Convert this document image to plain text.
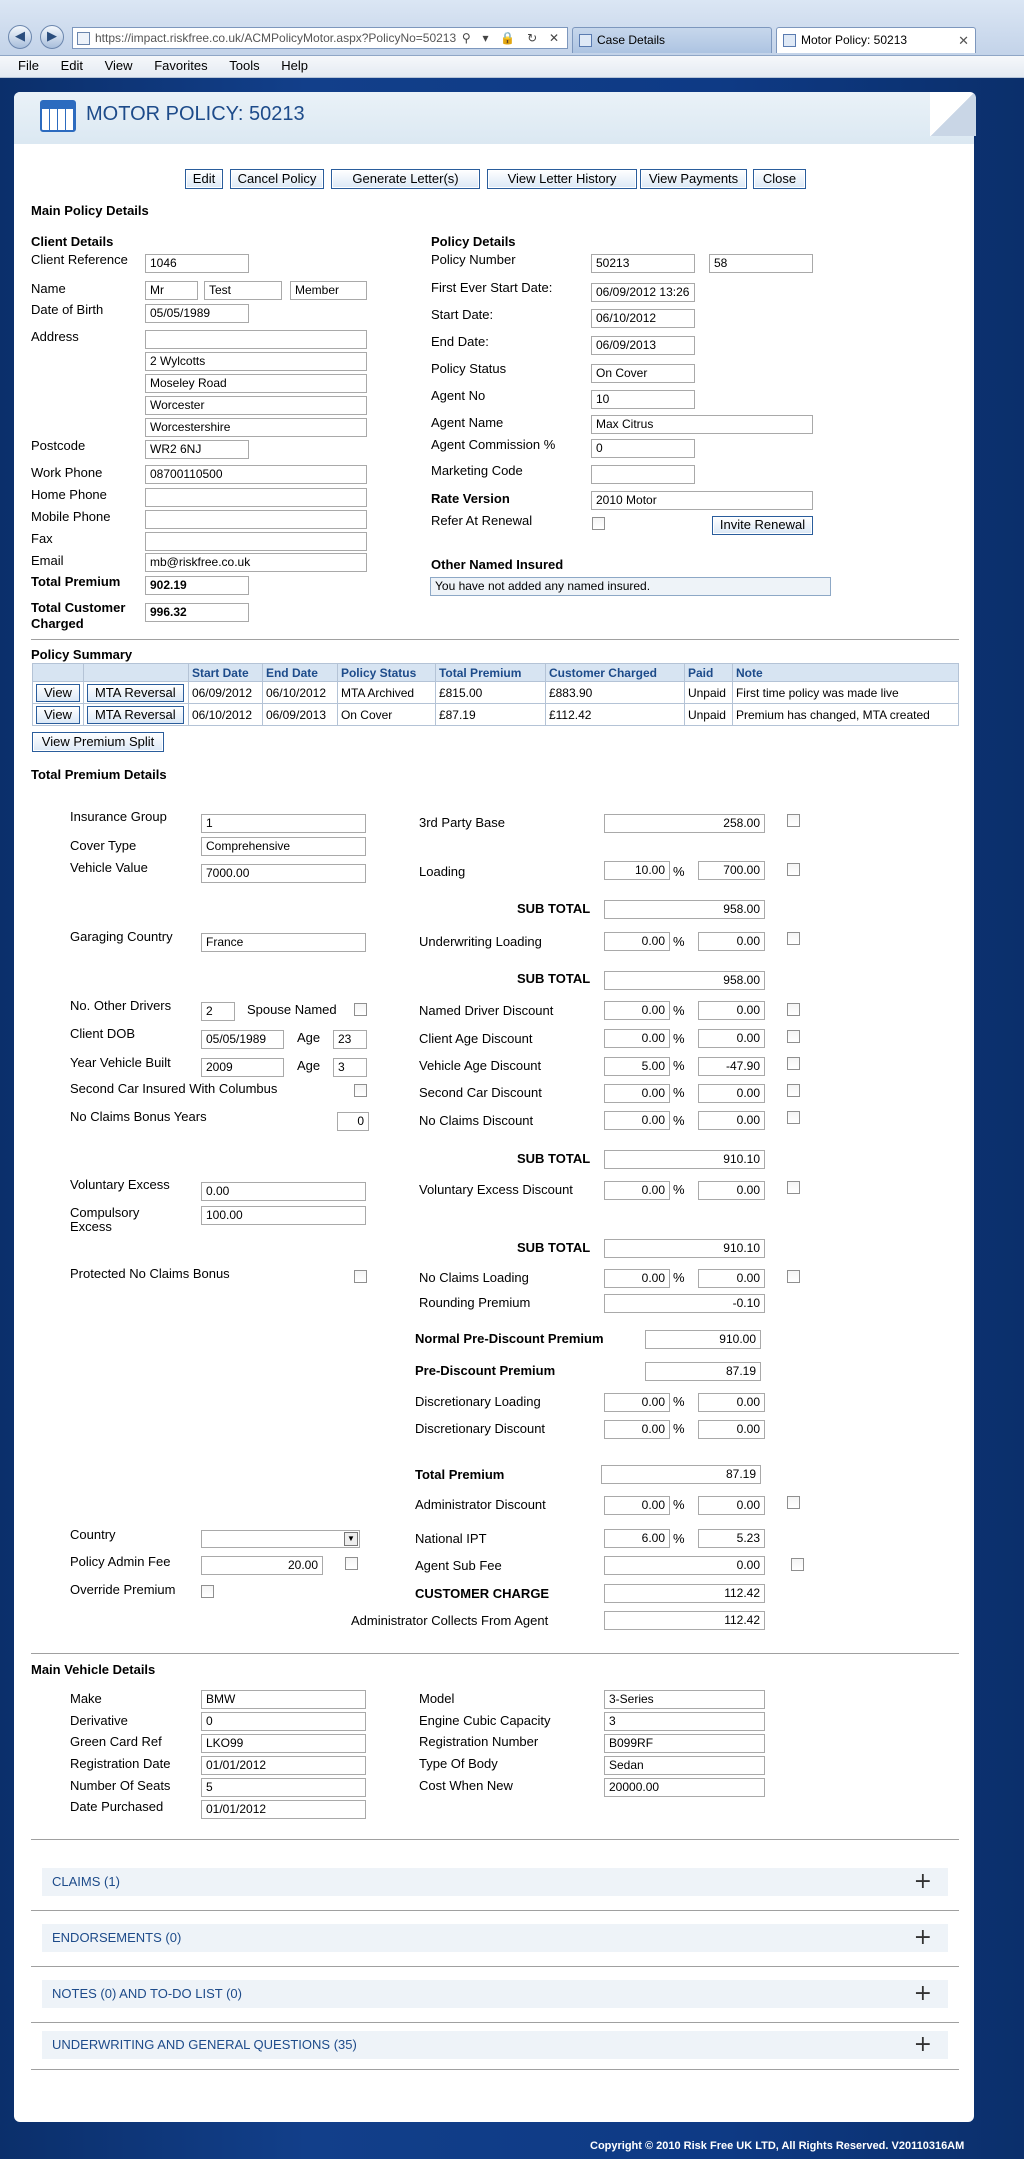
◀	▶	https://impact.riskfree.co.uk/ACMPolicyMotor.aspx?PolicyNo=50213 ⚲ ▾ 🔒 ↻ ✕	Case Details	Motor Policy: 50213	✕
File Edit View Favorites Tools Help
MOTOR POLICY: 50213
Edit	Cancel Policy	Generate Letter(s)	View Letter History	View Payments	Close
Main Policy Details
Client Details
Client Reference	1046
Name	Mr	Test	Member
Date of Birth	05/05/1989
Address
2 Wylcotts
Moseley Road
Worcester
Worcestershire
Postcode	WR2 6NJ
Work Phone	08700110500
Home Phone
Mobile Phone
Fax
Email	mb@riskfree.co.uk
Total Premium	902.19
Total Customer Charged
996.32
Policy Details
Policy Number	50213	58
First Ever Start Date:	06/09/2012 13:26
Start Date:	06/10/2012
End Date:	06/09/2013
Policy Status	On Cover
Agent No	10
Agent Name	Max Citrus
Agent Commission %	0
Marketing Code
Rate Version	2010 Motor
Refer At Renewal	Invite Renewal
Other Named Insured
You have not added any named insured.
Policy Summary
		Start Date	End Date	Policy Status	Total Premium	Customer Charged	Paid	Note
View	MTA Reversal	06/09/2012	06/10/2012	MTA Archived	£815.00	£883.90	Unpaid	First time policy was made live
View	MTA Reversal	06/10/2012	06/09/2013	On Cover	£87.19	£112.42	Unpaid	Premium has changed, MTA created
View Premium Split
Total Premium Details
Insurance Group	1
Cover Type	Comprehensive
Vehicle Value	7000.00
Garaging Country	France
No. Other Drivers	2	Spouse Named
Client DOB	05/05/1989	Age	23
Year Vehicle Built	2009	Age	3
Second Car Insured With Columbus
No Claims Bonus Years	0
Voluntary Excess	0.00
Compulsory Excess
100.00
Protected No Claims Bonus
Country	▼
Policy Admin Fee	20.00
Override Premium
3rd Party Base	258.00
Loading	10.00 %	700.00
SUB TOTAL	958.00
Underwriting Loading	0.00 %	0.00
SUB TOTAL	958.00
Named Driver Discount	0.00 %	0.00
Client Age Discount	0.00 %	0.00
Vehicle Age Discount	5.00 %	-47.90
Second Car Discount	0.00 %	0.00
No Claims Discount	0.00 %	0.00
SUB TOTAL	910.10
Voluntary Excess Discount	0.00 %	0.00
SUB TOTAL	910.10
No Claims Loading	0.00 %	0.00
Rounding Premium	-0.10
Normal Pre-Discount Premium	910.00
Pre-Discount Premium	87.19
Discretionary Loading	0.00 %	0.00
Discretionary Discount	0.00 %	0.00
Total Premium	87.19
Administrator Discount	0.00 %	0.00
National IPT	6.00 %	5.23
Agent Sub Fee	0.00
CUSTOMER CHARGE	112.42
Administrator Collects From Agent	112.42
Main Vehicle Details
Make	BMW
Derivative	0
Green Card Ref	LKO99
Registration Date	01/01/2012
Number Of Seats	5
Date Purchased	01/01/2012
Model	3-Series
Engine Cubic Capacity	3
Registration Number	B099RF
Type Of Body	Sedan
Cost When New	20000.00
CLAIMS (1)	+
ENDORSEMENTS (0)	+
NOTES (0) AND TO-DO LIST (0)	+
UNDERWRITING AND GENERAL QUESTIONS (35)	+
Copyright © 2010 Risk Free UK LTD, All Rights Reserved. V20110316AM
